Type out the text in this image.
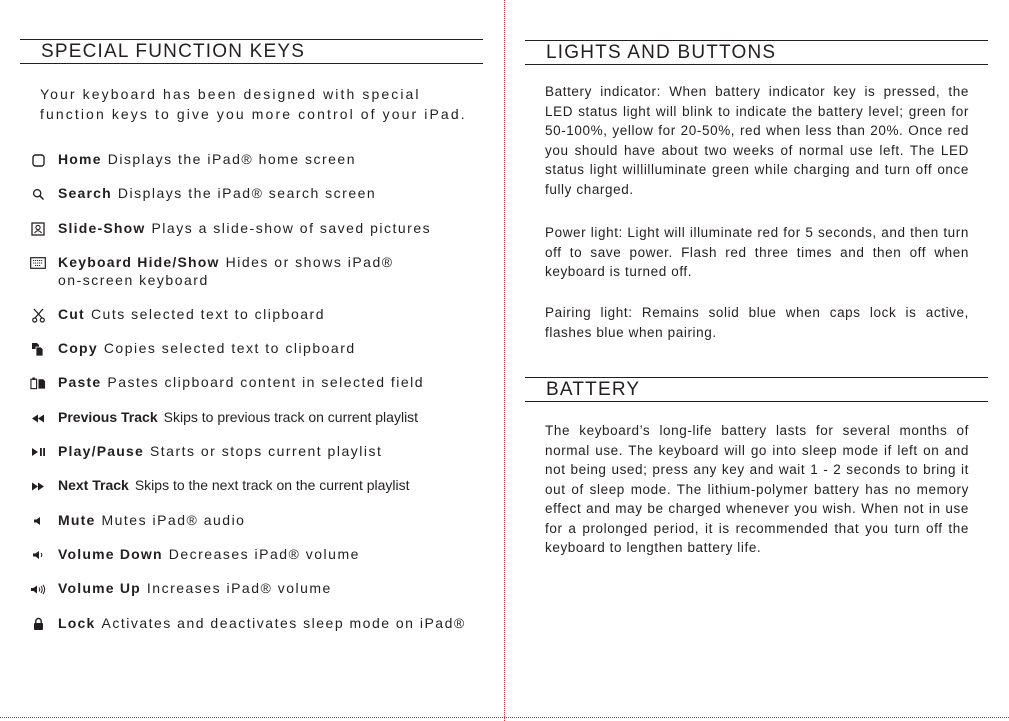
SPECIAL FUNCTION KEYS

Your keyboard has been designed with special function keys to give you more control of your iPad.

Home Displays the iPad® home screen
Search Displays the iPad® search screen
Slide-Show Plays a slide-show of saved pictures
Keyboard Hide/Show Hides or shows iPad®
on-screen keyboard
Cut Cuts selected text to clipboard
Copy Copies selected text to clipboard
Paste Pastes clipboard content in selected field
Previous Track Skips to previous track on current playlist
Play/Pause Starts or stops current playlist
Next Track Skips to the next track on the current playlist
Mute Mutes iPad® audio
Volume Down Decreases iPad® volume
Volume Up Increases iPad® volume
Lock Activates and deactivates sleep mode on iPad®
LIGHTS AND BUTTONS

Battery indicator: When battery indicator key is pressed, the LED status light will blink to indicate the battery level; green for 50-100%, yellow for 20-50%, red when less than 20%. Once red you should have about two weeks of normal use left. The LED status light willilluminate green while charging and turn off once fully charged.

Power light: Light will illuminate red for 5 seconds, and then turn off to save power. Flash red three times and then off when keyboard is turned off.

Pairing light: Remains solid blue when caps lock is active, flashes blue when pairing.

BATTERY

The keyboard’s long-life battery lasts for several months of normal use. The keyboard will go into sleep mode if left on and not being used; press any key and wait 1 - 2 seconds to bring it out of sleep mode. The lithium-polymer battery has no memory effect and may be charged whenever you wish. When not in use for a prolonged period, it is recommended that you turn off the keyboard to lengthen battery life.
